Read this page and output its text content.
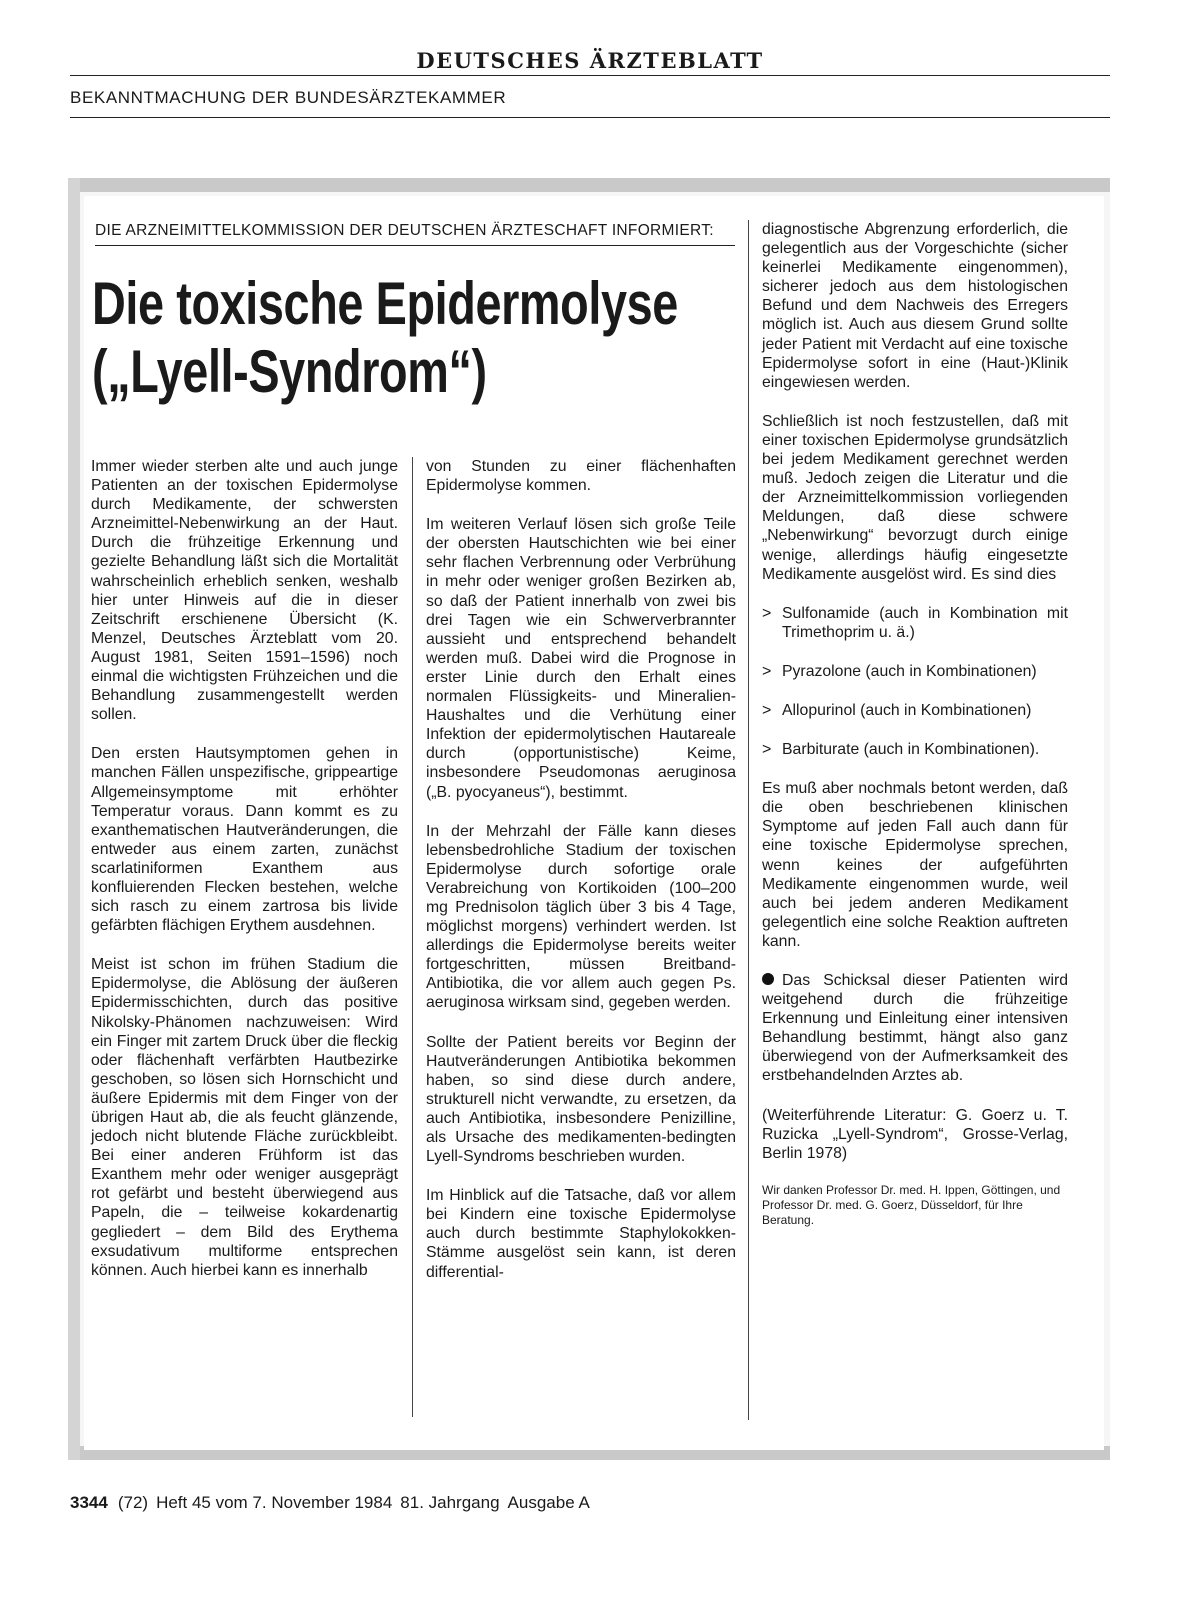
DEUTSCHES ÄRZTEBLATT
BEKANNTMACHUNG DER BUNDESÄRZTEKAMMER
DIE ARZNEIMITTELKOMMISSION DER DEUTSCHEN ÄRZTESCHAFT INFORMIERT:
Die toxische Epidermolyse
(„Lyell-Syndrom“)

Immer wieder sterben alte und auch junge Patienten an der toxischen Epidermolyse durch Medikamente, der schwersten Arzneimittel-Nebenwirkung an der Haut. Durch die frühzeitige Erkennung und gezielte Behandlung läßt sich die Mortalität wahrscheinlich erheblich senken, weshalb hier unter Hinweis auf die in dieser Zeitschrift erschienene Übersicht (K. Menzel, Deutsches Ärzteblatt vom 20. August 1981, Seiten 1591–1596) noch einmal die wichtigsten Frühzeichen und die Behandlung zusammengestellt werden sollen.

Den ersten Hautsymptomen gehen in manchen Fällen unspezifische, grippeartige Allgemeinsymptome mit erhöhter Temperatur voraus. Dann kommt es zu exanthematischen Hautveränderungen, die entweder aus einem zarten, zunächst scarlatiniformen Exanthem aus konfluierenden Flecken bestehen, welche sich rasch zu einem zartrosa bis livide gefärbten flächigen Erythem ausdehnen.

Meist ist schon im frühen Stadium die Epidermolyse, die Ablösung der äußeren Epidermisschichten, durch das positive Nikolsky-Phänomen nachzuweisen: Wird ein Finger mit zartem Druck über die fleckig oder flächenhaft verfärbten Hautbezirke geschoben, so lösen sich Hornschicht und äußere Epidermis mit dem Finger von der übrigen Haut ab, die als feucht glänzende, jedoch nicht blutende Fläche zurückbleibt. Bei einer anderen Frühform ist das Exanthem mehr oder weniger ausgeprägt rot gefärbt und besteht überwiegend aus Papeln, die – teilweise kokardenartig gegliedert – dem Bild des Erythema exsudativum multiforme entsprechen können. Auch hierbei kann es innerhalb

von Stunden zu einer flächenhaften Epidermolyse kommen.

Im weiteren Verlauf lösen sich große Teile der obersten Hautschichten wie bei einer sehr flachen Verbrennung oder Verbrühung in mehr oder weniger großen Bezirken ab, so daß der Patient innerhalb von zwei bis drei Tagen wie ein Schwerverbrannter aussieht und entsprechend behandelt werden muß. Dabei wird die Prognose in erster Linie durch den Erhalt eines normalen Flüssigkeits- und Mineralien-Haushaltes und die Verhütung einer Infektion der epidermolytischen Hautareale durch (opportunistische) Keime, insbesondere Pseudomonas aeruginosa („B. pyocyaneus“), bestimmt.

In der Mehrzahl der Fälle kann dieses lebensbedrohliche Stadium der toxischen Epidermolyse durch sofortige orale Verabreichung von Kortikoiden (100–200 mg Prednisolon täglich über 3 bis 4 Tage, möglichst morgens) verhindert werden. Ist allerdings die Epidermolyse bereits weiter fortgeschritten, müssen Breitband-Antibiotika, die vor allem auch gegen Ps. aeruginosa wirksam sind, gegeben werden.

Sollte der Patient bereits vor Beginn der Hautveränderungen Antibiotika bekommen haben, so sind diese durch andere, strukturell nicht verwandte, zu ersetzen, da auch Antibiotika, insbesondere Penizilline, als Ursache des medikamenten-bedingten Lyell-Syndroms beschrieben wurden.

Im Hinblick auf die Tatsache, daß vor allem bei Kindern eine toxische Epidermolyse auch durch bestimmte Staphylokokken-Stämme ausgelöst sein kann, ist deren differential-

diagnostische Abgrenzung erforderlich, die gelegentlich aus der Vorgeschichte (sicher keinerlei Medikamente eingenommen), sicherer jedoch aus dem histologischen Befund und dem Nachweis des Erregers möglich ist. Auch aus diesem Grund sollte jeder Patient mit Verdacht auf eine toxische Epidermolyse sofort in eine (Haut-)Klinik eingewiesen werden.

Schließlich ist noch festzustellen, daß mit einer toxischen Epidermolyse grundsätzlich bei jedem Medikament gerechnet werden muß. Jedoch zeigen die Literatur und die der Arzneimittelkommission vorliegenden Meldungen, daß diese schwere „Nebenwirkung“ bevorzugt durch einige wenige, allerdings häufig eingesetzte Medikamente ausgelöst wird. Es sind dies

> Sulfonamide (auch in Kombination mit Trimethoprim u. ä.)
> Pyrazolone (auch in Kombinationen)
> Allopurinol (auch in Kombinationen)
> Barbiturate (auch in Kombinationen).

Es muß aber nochmals betont werden, daß die oben beschriebenen klinischen Symptome auf jeden Fall auch dann für eine toxische Epidermolyse sprechen, wenn keines der aufgeführten Medikamente eingenommen wurde, weil auch bei jedem anderen Medikament gelegentlich eine solche Reaktion auftreten kann.

Das Schicksal dieser Patienten wird weitgehend durch die frühzeitige Erkennung und Einleitung einer intensiven Behandlung bestimmt, hängt also ganz überwiegend von der Aufmerksamkeit des erstbehandelnden Arztes ab.

(Weiterführende Literatur: G. Goerz u. T. Ruzicka „Lyell-Syndrom“, Grosse-Verlag, Berlin 1978)

Wir danken Professor Dr. med. H. Ippen, Göttingen, und Professor Dr. med. G. Goerz, Düsseldorf, für Ihre Beratung.
3344 (72) Heft 45 vom 7. November 1984 81. Jahrgang Ausgabe A
